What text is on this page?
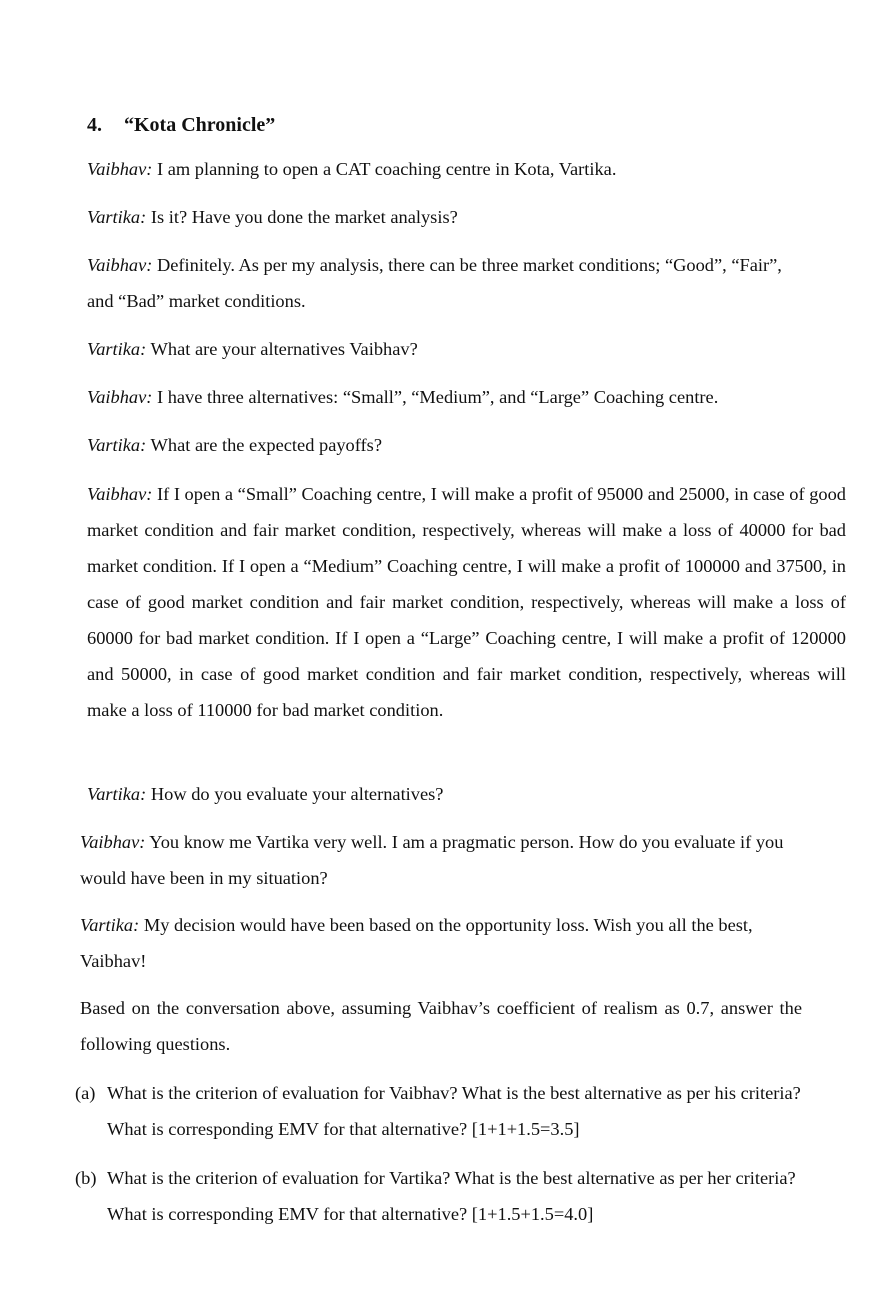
4. “Kota Chronicle”

Vaibhav: I am planning to open a CAT coaching centre in Kota, Vartika.

Vartika: Is it? Have you done the market analysis?

Vaibhav: Definitely. As per my analysis, there can be three market conditions; “Good”, “Fair”, and “Bad” market conditions.

Vartika: What are your alternatives Vaibhav?

Vaibhav: I have three alternatives: “Small”, “Medium”, and “Large” Coaching centre.

Vartika: What are the expected payoffs?

Vaibhav: If I open a “Small” Coaching centre, I will make a profit of 95000 and 25000, in case of good market condition and fair market condition, respectively, whereas will make a loss of 40000 for bad market condition. If I open a “Medium” Coaching centre, I will make a profit of 100000 and 37500, in case of good market condition and fair market condition, respectively, whereas will make a loss of 60000 for bad market condition. If I open a “Large” Coaching centre, I will make a profit of 120000 and 50000, in case of good market condition and fair market condition, respectively, whereas will make a loss of 110000 for bad market condition.

Vartika: How do you evaluate your alternatives?

Vaibhav: You know me Vartika very well. I am a pragmatic person. How do you evaluate if you would have been in my situation?

Vartika: My decision would have been based on the opportunity loss. Wish you all the best, Vaibhav!

Based on the conversation above, assuming Vaibhav’s coefficient of realism as 0.7, answer the following questions.

(a) What is the criterion of evaluation for Vaibhav? What is the best alternative as per his criteria? What is corresponding EMV for that alternative? [1+1+1.5=3.5]
(b) What is the criterion of evaluation for Vartika? What is the best alternative as per her criteria? What is corresponding EMV for that alternative? [1+1.5+1.5=4.0]
